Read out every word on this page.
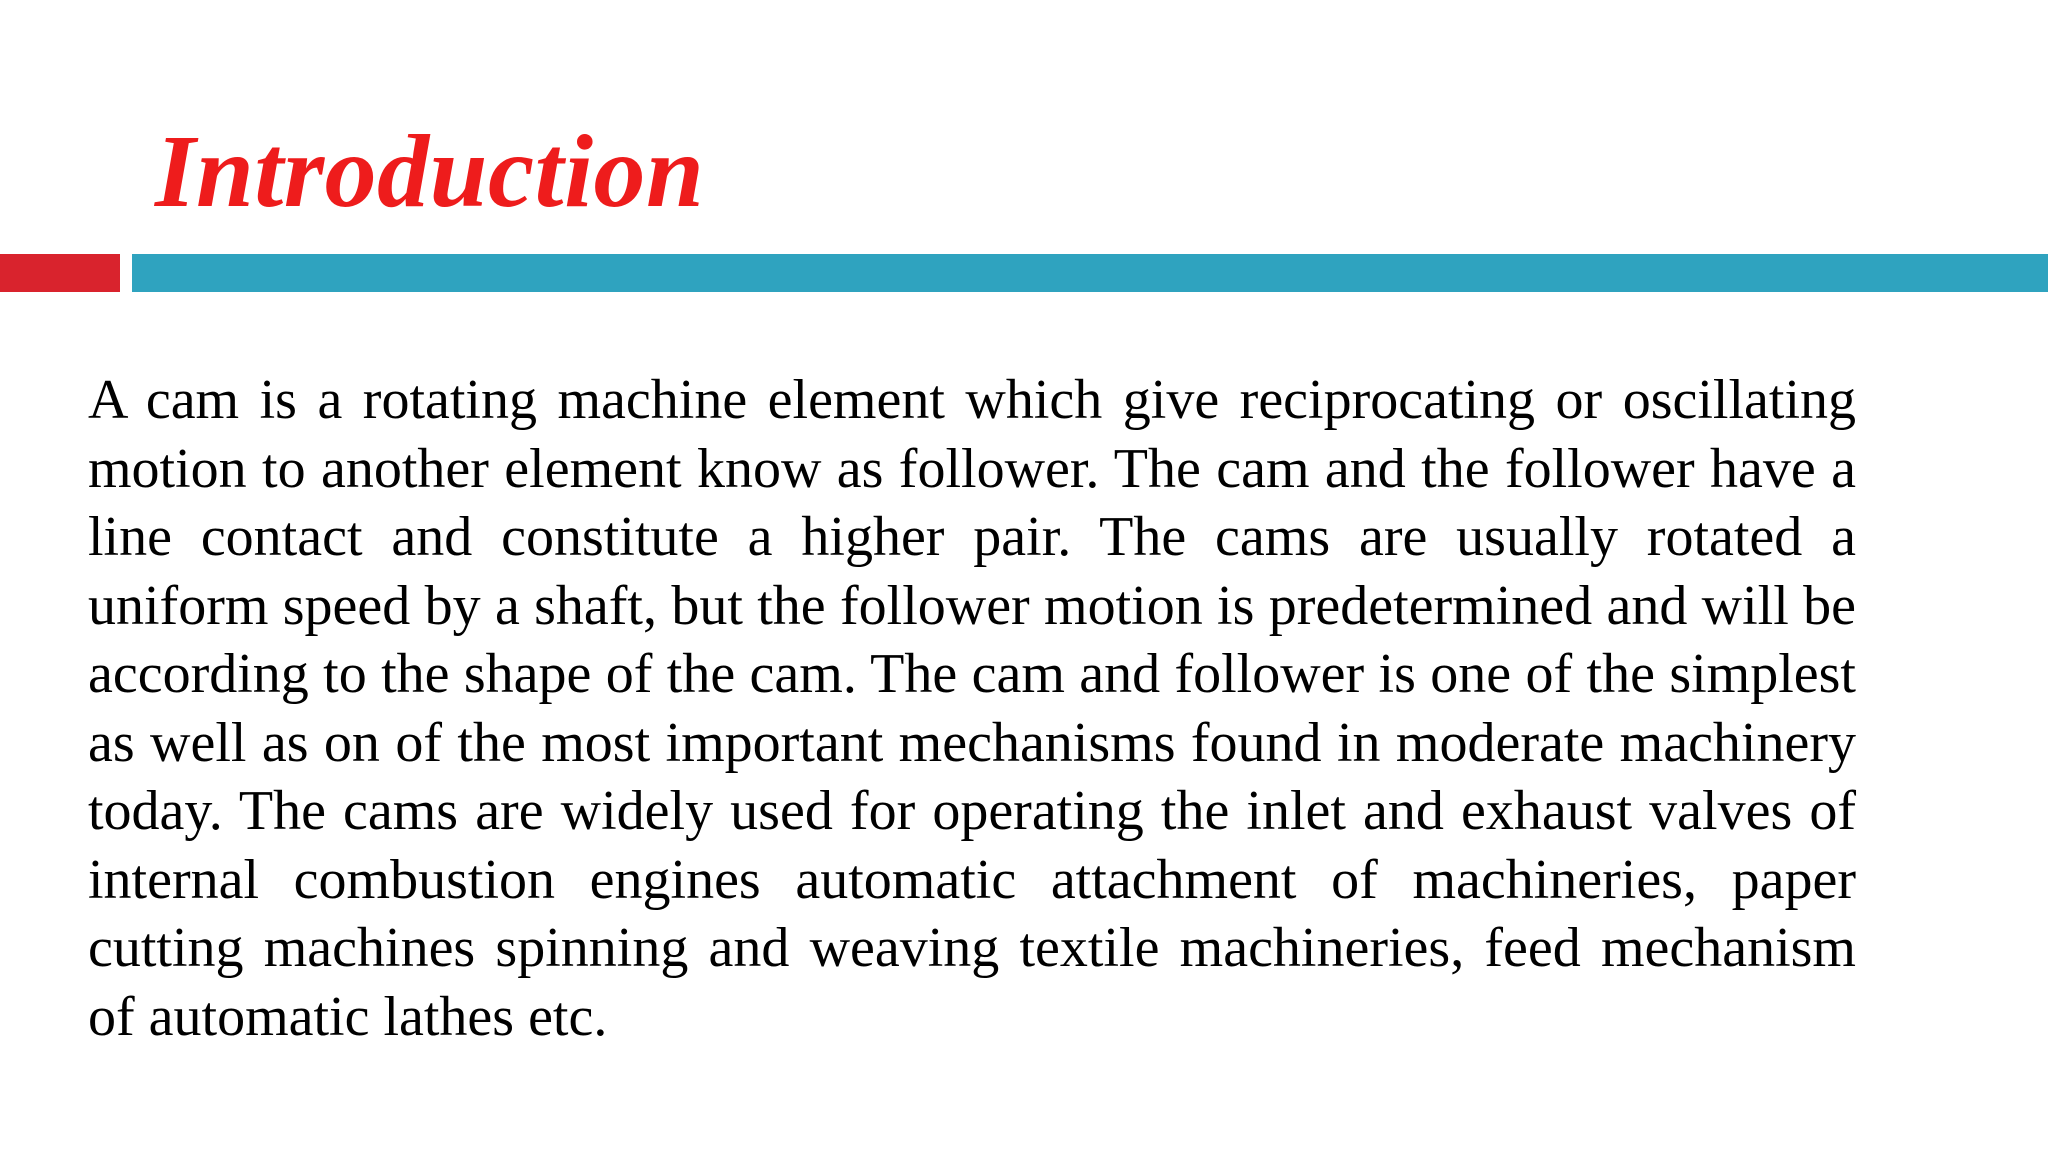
Introduction

A cam is a rotating machine element which give reciprocating or oscillating motion to another element know as follower. The cam and the follower have a line contact and constitute a higher pair. The cams are usually rotated a uniform speed by a shaft, but the follower motion is predetermined and will be according to the shape of the cam. The cam and follower is one of the simplest as well as on of the most important mechanisms found in moderate machinery today. The cams are widely used for operating the inlet and exhaust valves of internal combustion engines automatic attachment of machineries, paper cutting machines spinning and weaving textile machineries, feed mechanism of automatic lathes etc.
